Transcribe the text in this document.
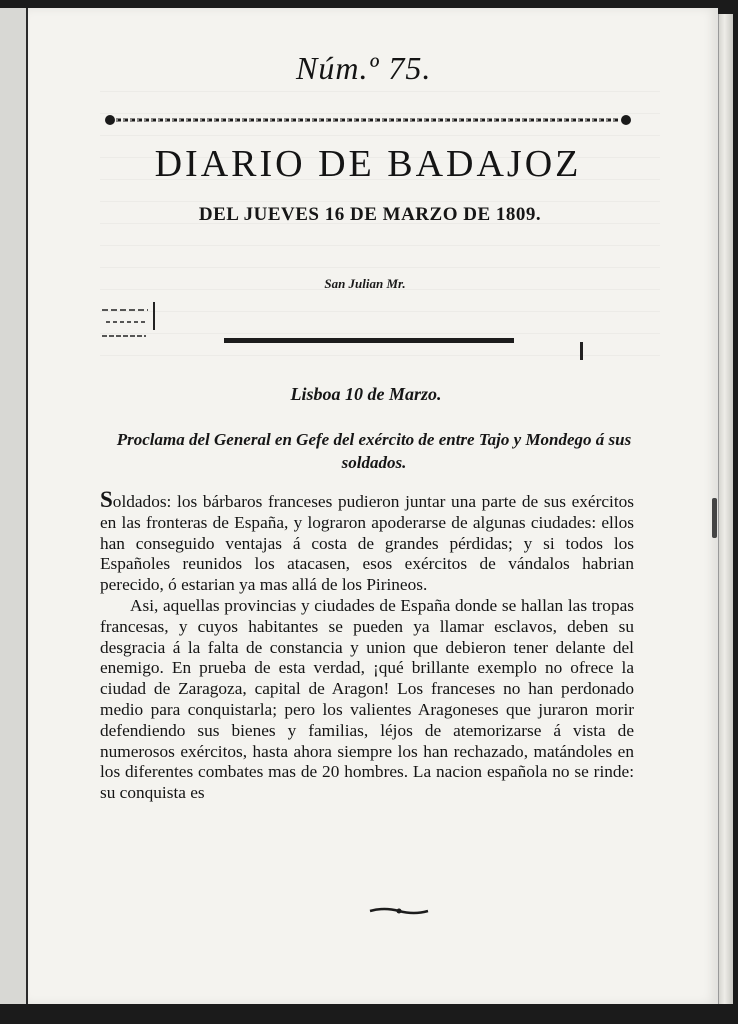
Núm.º 75.
DIARIO DE BADAJOZ
DEL JUEVES 16 DE MARZO DE 1809.
San Julian Mr.
Lisboa 10 de Marzo.
Proclama del General en Gefe del exército de entre Tajo y Mondego á sus soldados.

Soldados: los bárbaros franceses pudieron juntar una parte de sus exércitos en las fronteras de España, y lograron apoderarse de algunas ciudades: ellos han conseguido ventajas á costa de grandes pérdidas; y si todos los Españoles reunidos los atacasen, esos exércitos de vándalos habrian perecido, ó estarian ya mas allá de los Pirineos.

Asi, aquellas provincias y ciudades de España donde se hallan las tropas francesas, y cuyos habitantes se pueden ya llamar esclavos, deben su desgracia á la falta de constancia y union que debieron tener delante del enemigo. En prueba de esta verdad, ¡qué brillante exemplo no ofrece la ciudad de Zaragoza, capital de Aragon! Los franceses no han perdonado medio para conquistarla; pero los valientes Aragoneses que juraron morir defendiendo sus bienes y familias, léjos de atemorizarse á vista de numerosos exércitos, hasta ahora siempre los han rechazado, matándoles en los diferentes combates mas de 20 hombres. La nacion española no se rinde: su conquista es
